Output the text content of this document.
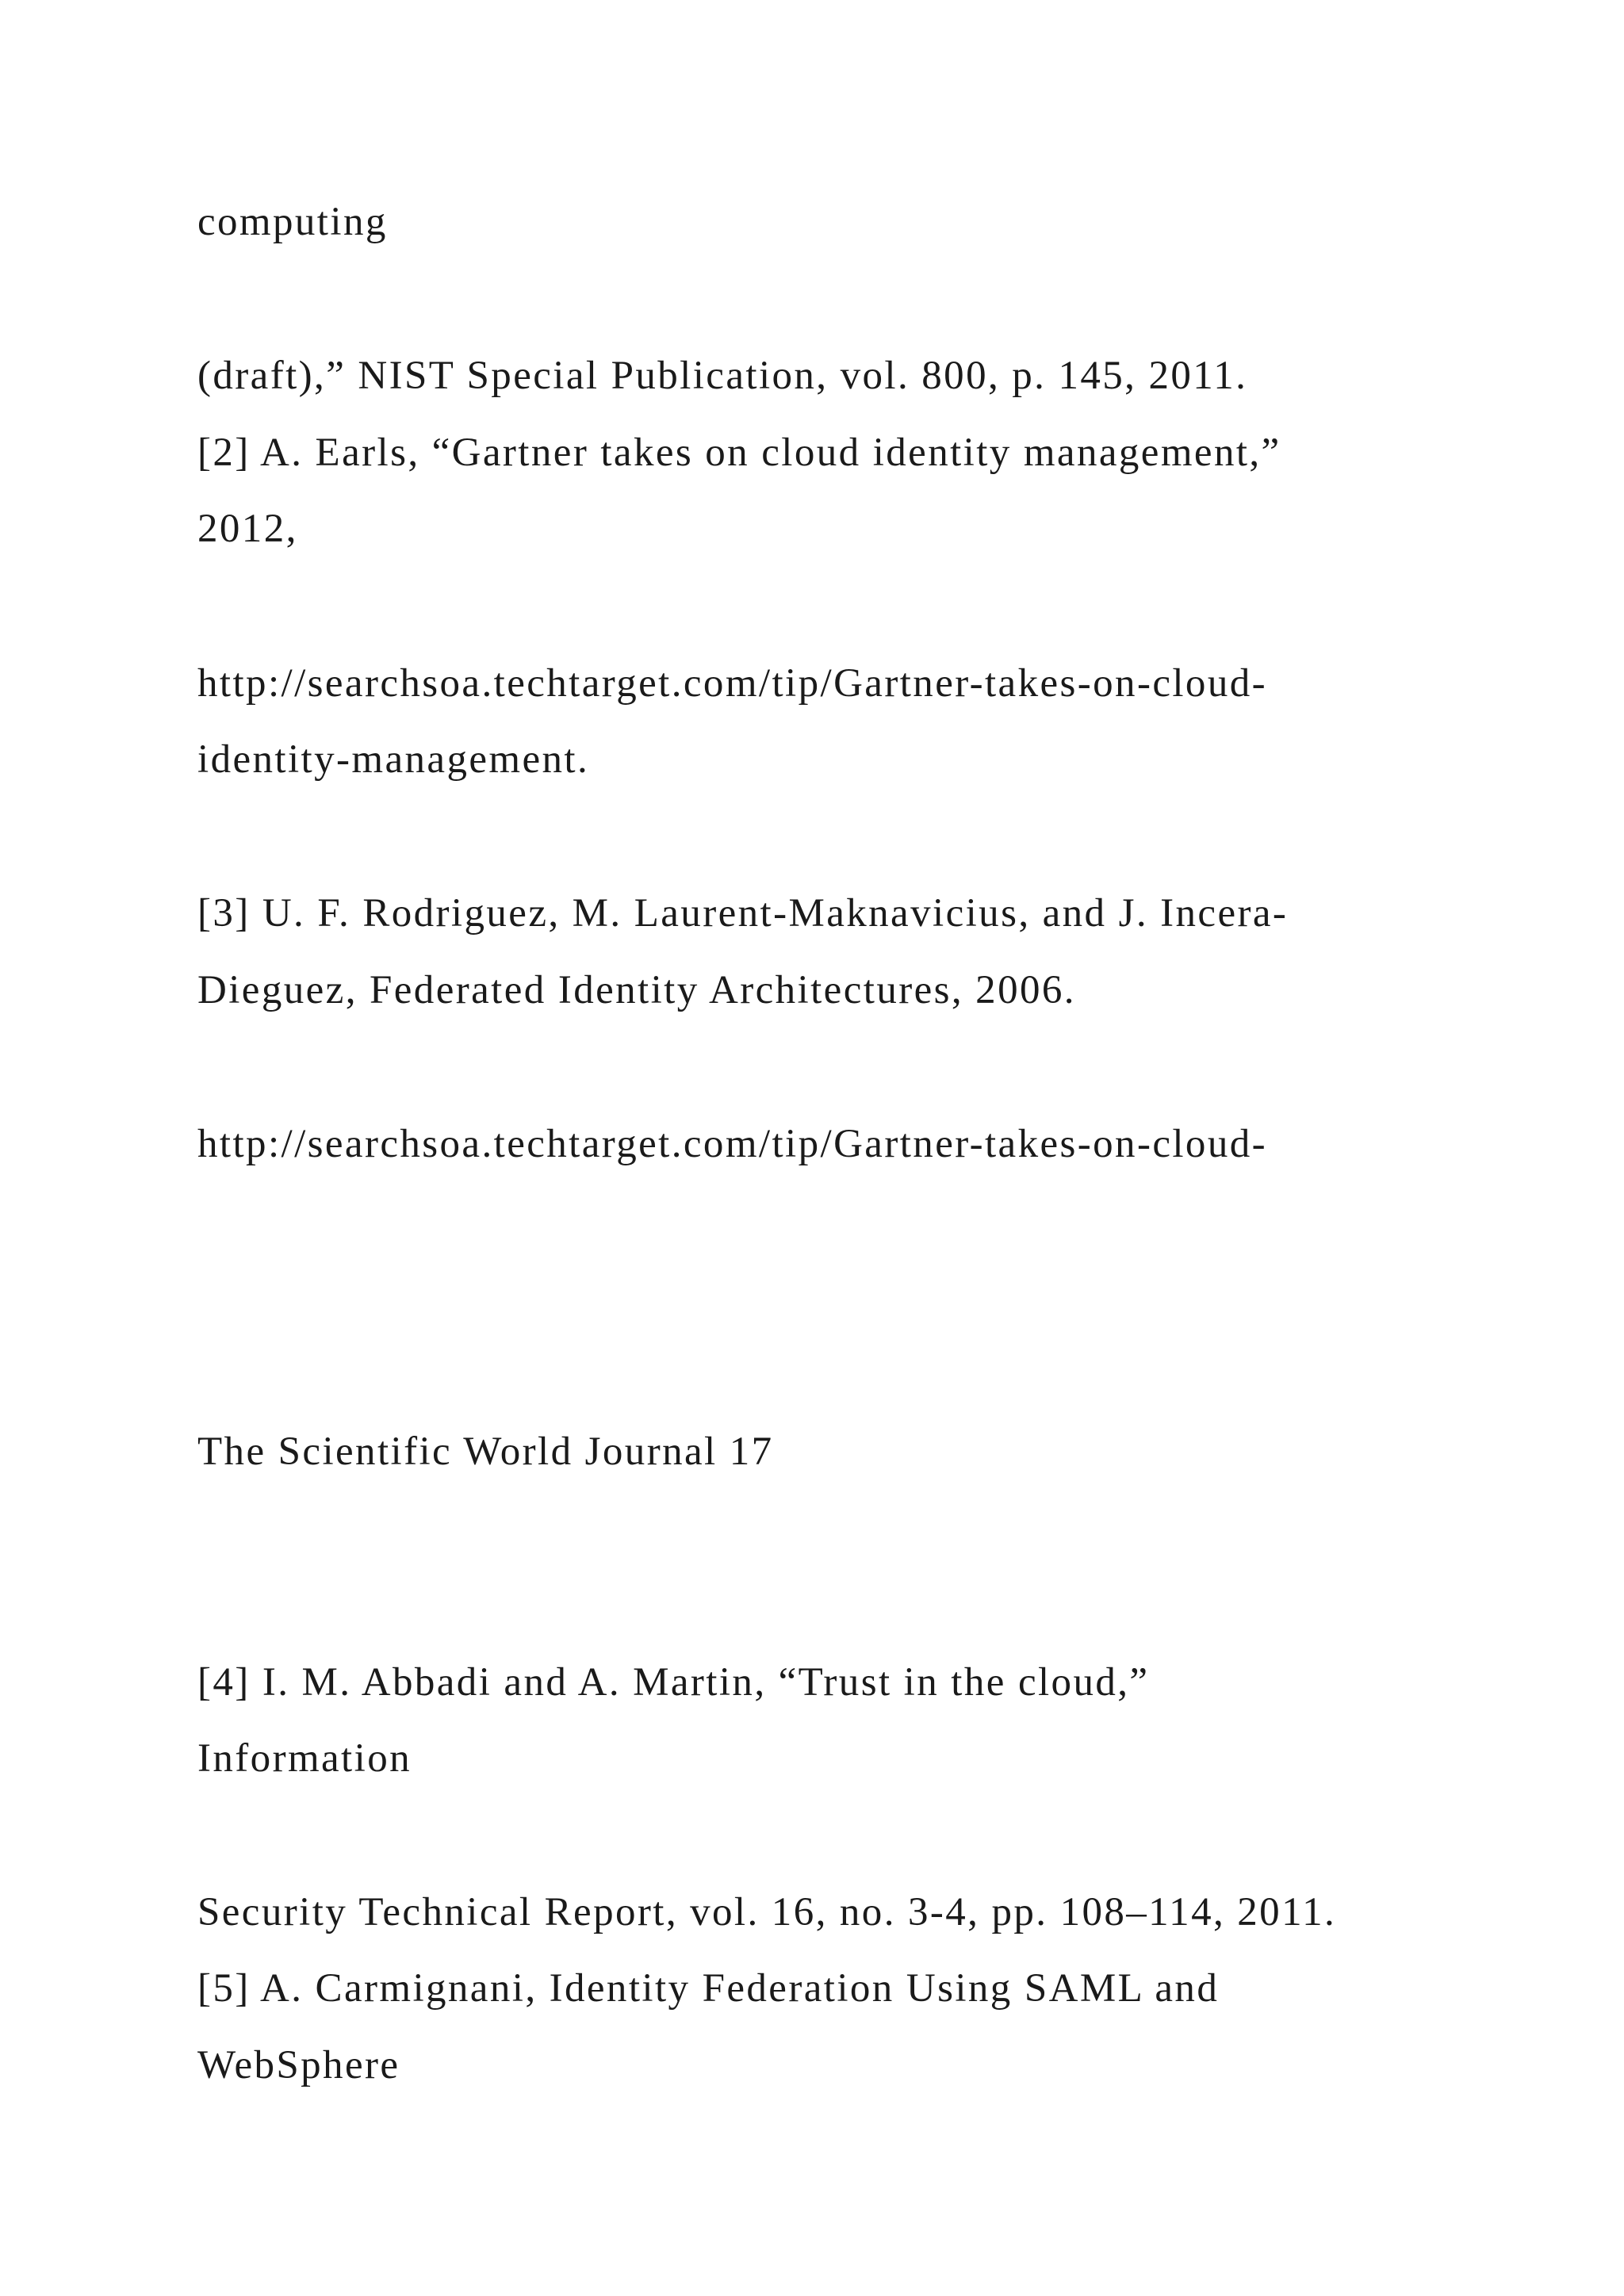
computing
(draft),” NIST Special Publication, vol. 800, p. 145, 2011.
[2] A. Earls, “Gartner takes on cloud identity management,”
2012,
http://searchsoa.techtarget.com/tip/Gartner-takes-on-cloud-
identity-management.
[3] U. F. Rodriguez, M. Laurent-Maknavicius, and J. Incera-
Dieguez, Federated Identity Architectures, 2006.
http://searchsoa.techtarget.com/tip/Gartner-takes-on-cloud-
The Scientific World Journal 17
[4] I. M. Abbadi and A. Martin, “Trust in the cloud,”
Information
Security Technical Report, vol. 16, no. 3-4, pp. 108–114, 2011.
[5] A. Carmignani, Identity Federation Using SAML and
WebSphere
